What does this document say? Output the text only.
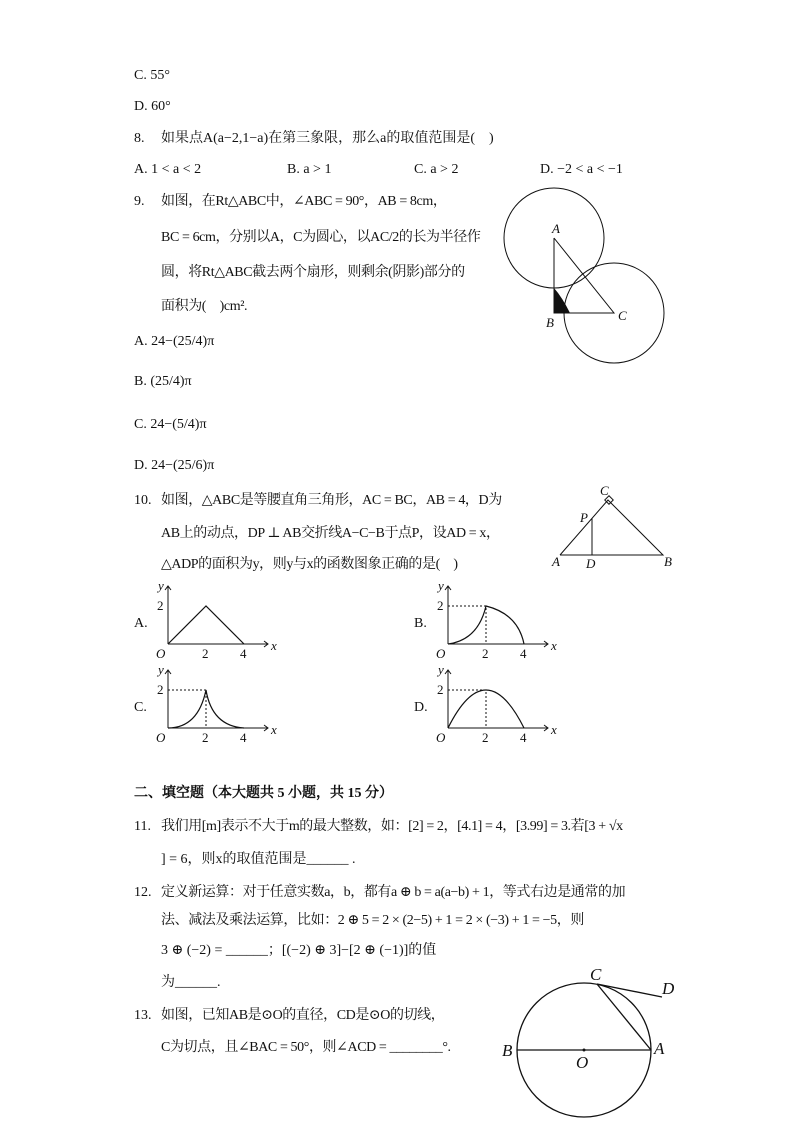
C. 55°
D. 60°
8. 如果点A(a−2,1−a)在第三象限，那么a的取值范围是(　)
A. 1 < a < 2	B. a > 1	C. a > 2	D. −2 < a < −1
9. 如图，在Rt△ABC中，∠ABC = 90°，AB = 8cm，
BC = 6cm，分别以A，C为圆心，以AC/2的长为半径作
圆，将Rt△ABC截去两个扇形，则剩余(阴影)部分的
面积为(　)cm².
A. 24−(25/4)π
B. (25/4)π
C. 24−(5/4)π
D. 24−(25/6)π
A
B	C
10. 如图，△ABC是等腰直角三角形，AC = BC，AB = 4，D为
AB上的动点，DP ⊥ AB交折线A−C−B于点P，设AD = x，
△ADP的面积为y，则y与x的函数图象正确的是(　)	A	B
C
D
P
A.
y
x
O
2
2 4
B.
y
x
O
2
2 4
C.
y
x
O
2
2 4
D.
y
x
O
2
2 4
二、填空题（本大题共 5 小题，共 15 分）
11. 我们用[m]表示不大于m的最大整数，如：[2] = 2，[4.1] = 4，[3.99] = 3.若[3 + √x
] = 6，则x的取值范围是______ .
12. 定义新运算：对于任意实数a，b，都有a ⊕ b = a(a−b) + 1，等式右边是通常的加
法、减法及乘法运算，比如：2 ⊕ 5 = 2 × (2−5) + 1 = 2 × (−3) + 1 = −5，则
3 ⊕ (−2) = ______；[(−2) ⊕ 3]−[2 ⊕ (−1)]的值
为______.
13. 如图，已知AB是⊙O的直径，CD是⊙O的切线，
C为切点，且∠BAC = 50°，则∠ACD = ________°.
C
D
B	A
O
